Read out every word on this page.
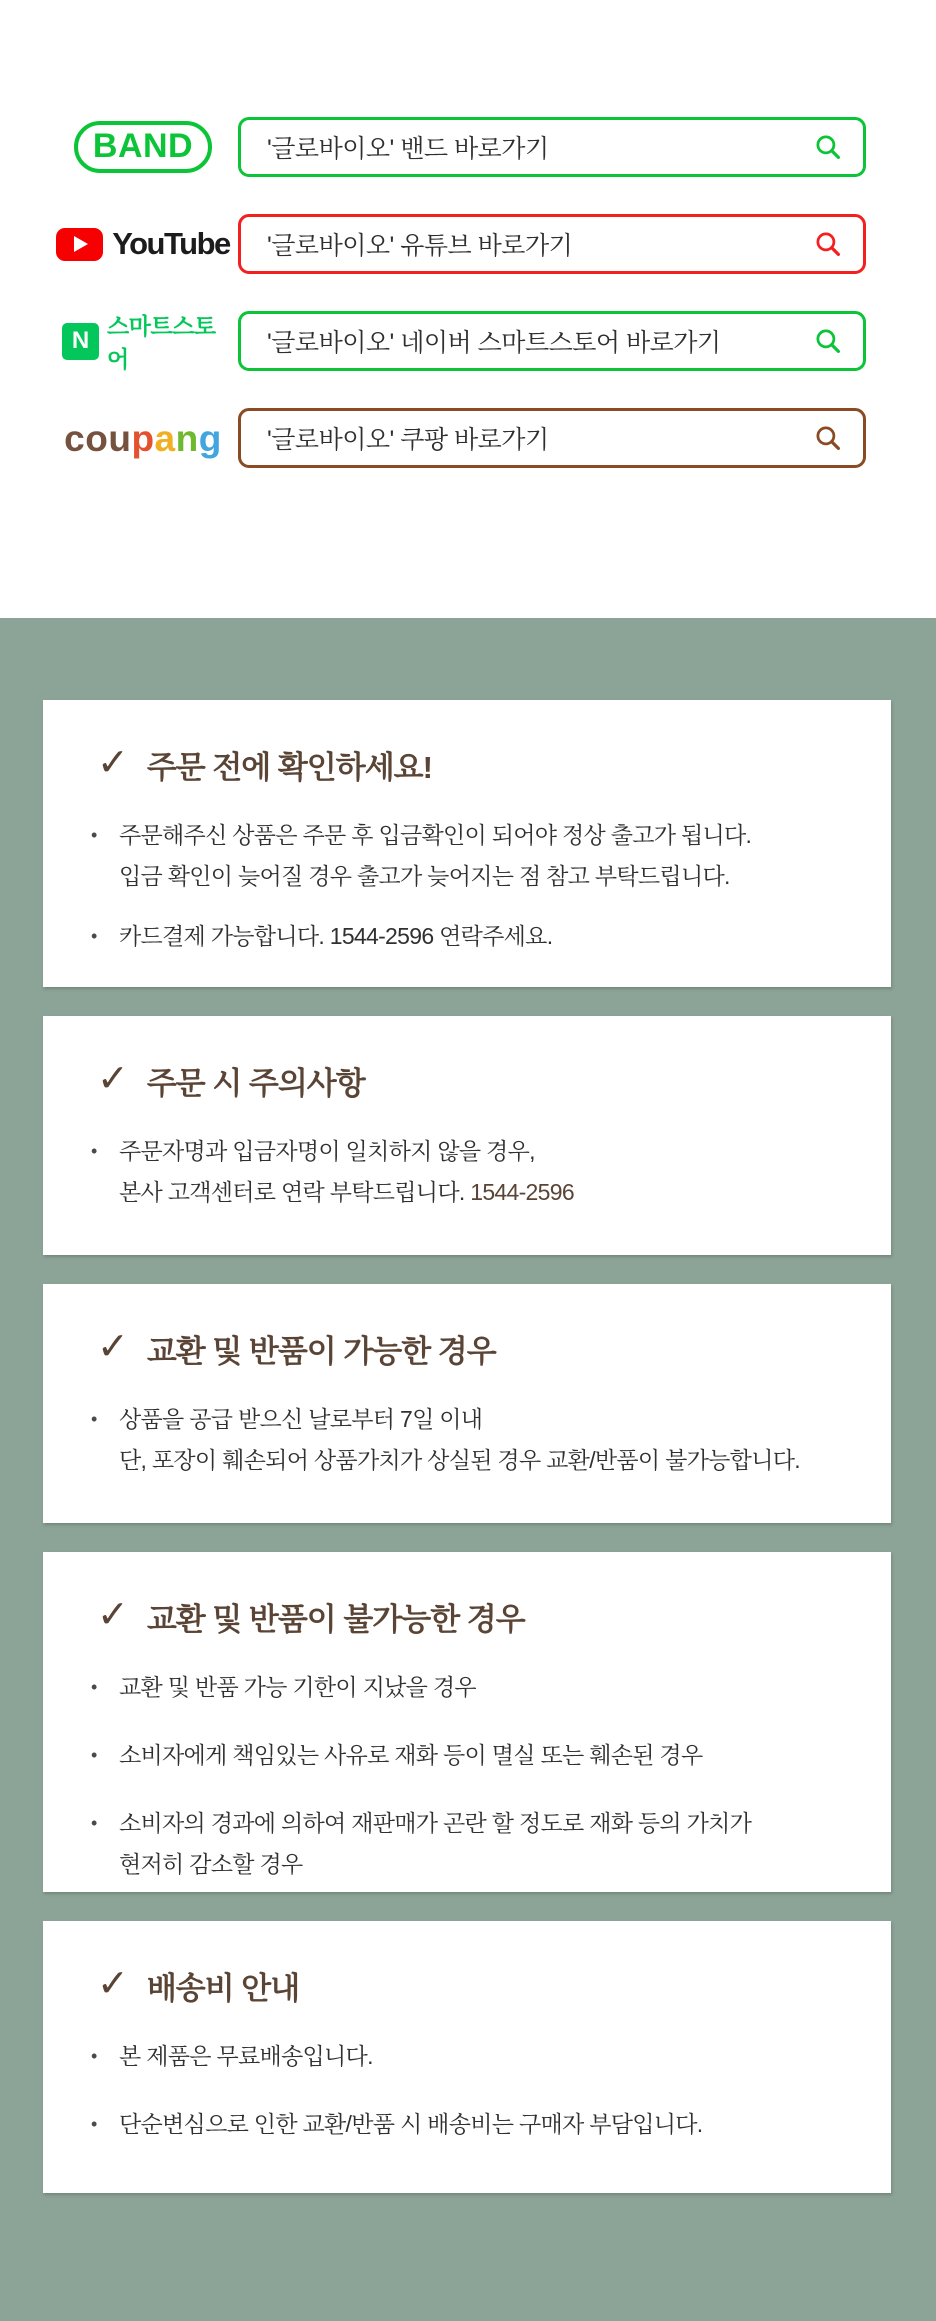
BAND	'글로바이오' 밴드 바로가기
YouTube '글로바이오' 유튜브 바로가기
N
스마트스토어
'글로바이오' 네이버 스마트스토어 바로가기
coupang '글로바이오' 쿠팡 바로가기
✓ 주문 전에 확인하세요!
•
주문해주신 상품은 주문 후 입금확인이 되어야 정상 출고가 됩니다.
입금 확인이 늦어질 경우 출고가 늦어지는 점 참고 부탁드립니다.
•
카드결제 가능합니다. 1544-2596 연락주세요.
✓ 주문 시 주의사항
•
주문자명과 입금자명이 일치하지 않을 경우,
본사 고객센터로 연락 부탁드립니다. 1544-2596
✓ 교환 및 반품이 가능한 경우
•
상품을 공급 받으신 날로부터 7일 이내
단, 포장이 훼손되어 상품가치가 상실된 경우 교환/반품이 불가능합니다.
✓ 교환 및 반품이 불가능한 경우
•
교환 및 반품 가능 기한이 지났을 경우
•
소비자에게 책임있는 사유로 재화 등이 멸실 또는 훼손된 경우
•
소비자의 경과에 의하여 재판매가 곤란 할 정도로 재화 등의 가치가
현저히 감소할 경우
✓ 배송비 안내
•
본 제품은 무료배송입니다.
•
단순변심으로 인한 교환/반품 시 배송비는 구매자 부담입니다.
